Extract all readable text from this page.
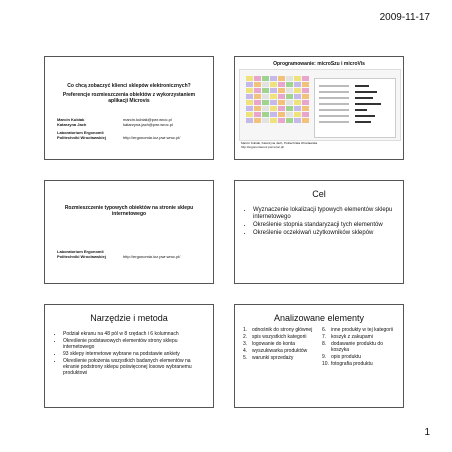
2009-11-17
Co chcą zobaczyć klienci sklepów elektronicznych?
Preferencje rozmieszczenia obiektów z wykorzystaniem aplikacji Microvis
Marcin Kubiak	marcin.kubiak@pwr.wroc.pl
Katarzyna Jach	katarzyna.jach@pwr.wroc.pl
Laboratorium Ergonomii
Politechniki Wrocławskiej	http://ergonomia.ioz.pwr.wroc.pl/
Oprogramowanie: microSzu i microVis
Marcin Kubiak, Katarzyna Jach, Politechnika Wrocławska
http://ergonomia.ioz.pwr.wroc.pl/
Rozmieszczenie typowych obiektów na stronie sklepu internetowego
Laboratorium Ergonomii
Politechniki Wrocławskiej	http://ergonomia.ioz.pwr.wroc.pl/
Cel
• Wyznaczenie lokalizacji typowych elementów sklepu internetowego
• Określenie stopnia standaryzacji tych elementów
• Określenie oczekiwań użytkowników sklepów
Narzędzie i metoda
• Podział ekranu na 48 pól w 8 rzędach i 6 kolumnach
• Określenie podstawowych elementów strony sklepu internetowego
• 93 sklepy internetowe wybrane na podstawie ankiety
• Określenie położenia wszystkich badanych elementów na ekranie podstrony sklepu poświęconej losowo wybranemu produktowi
Analizowane elementy
1. odnośnik do strony głównej
2. spis wszystkich kategorii
3. logowanie do konta
4. wyszukiwarka produktów
5. warunki sprzedaży
6. inne produkty w tej kategorii
7. koszyk z zakupami
8. dodawanie produktu do koszyka
9. opis produktu
10. fotografia produktu
1
